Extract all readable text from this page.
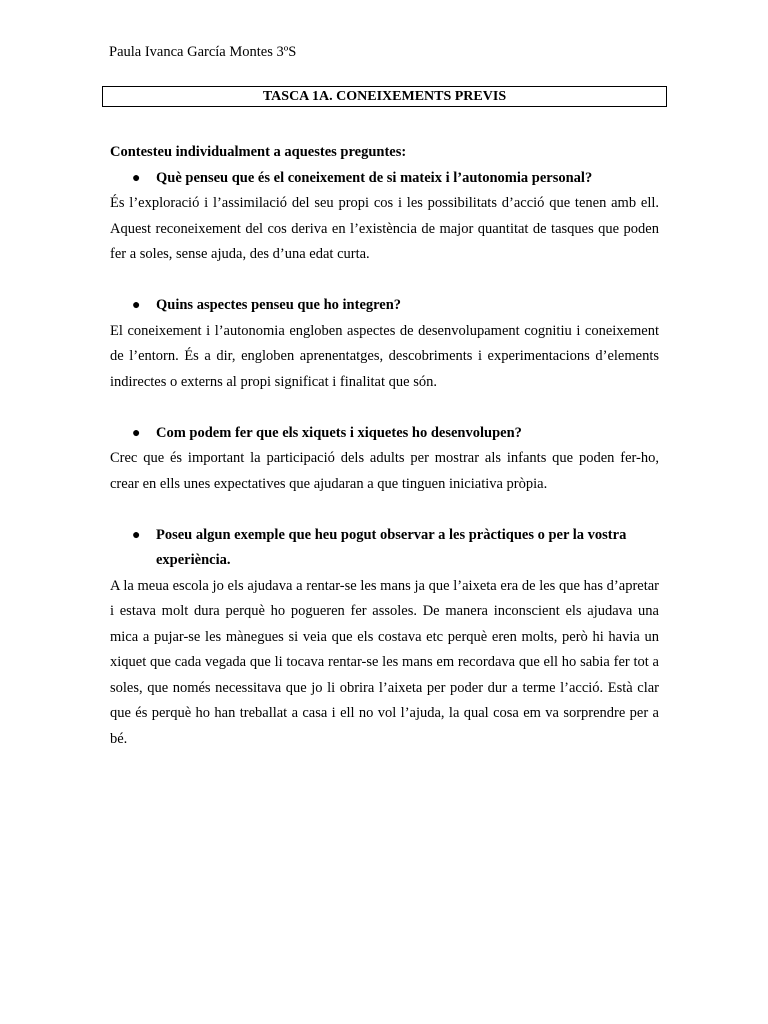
Paula Ivanca García Montes 3ºS
TASCA 1A. CONEIXEMENTS PREVIS

Contesteu individualment a aquestes preguntes:

● Què penseu que és el coneixement de si mateix i l’autonomia personal?

És l’exploració i l’assimilació del seu propi cos i les possibilitats d’acció que tenen amb ell. Aquest reconeixement del cos deriva en l’existència de major quantitat de tasques que poden fer a soles, sense ajuda, des d’una edat curta.

● Quins aspectes penseu que ho integren?

El coneixement i l’autonomia engloben aspectes de desenvolupament cognitiu i coneixement de l’entorn. És a dir, engloben aprenentatges, descobriments i experimentacions d’elements indirectes o externs al propi significat i finalitat que són.

● Com podem fer que els xiquets i xiquetes ho desenvolupen?

Crec que és important la participació dels adults per mostrar als infants que poden fer-ho, crear en ells unes expectatives que ajudaran a que tinguen iniciativa pròpia.

● Poseu algun exemple que heu pogut observar a les pràctiques o per la vostra experiència.

A la meua escola jo els ajudava a rentar-se les mans ja que l’aixeta era de les que has d’apretar i estava molt dura perquè ho pogueren fer assoles. De manera inconscient els ajudava una mica a pujar-se les mànegues si veia que els costava etc perquè eren molts, però hi havia un xiquet que cada vegada que li tocava rentar-se les mans em recordava que ell ho sabia fer tot a soles, que només necessitava que jo li obrira l’aixeta per poder dur a terme l’acció. Està clar que és perquè ho han treballat a casa i ell no vol l’ajuda, la qual cosa em va sorprendre per a bé.
